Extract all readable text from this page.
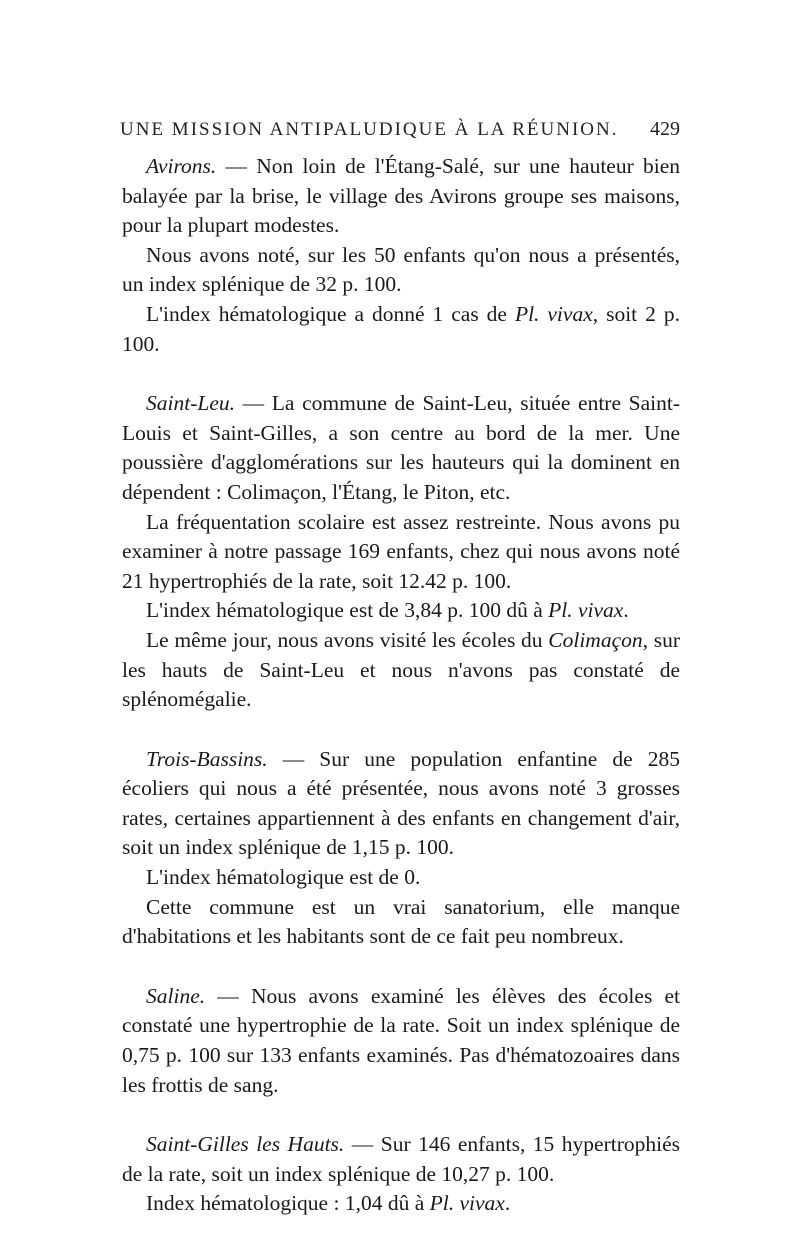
UNE MISSION ANTIPALUDIQUE À LA RÉUNION. 429

Avirons. — Non loin de l'Étang-Salé, sur une hauteur bien balayée par la brise, le village des Avirons groupe ses maisons, pour la plupart modestes.

Nous avons noté, sur les 50 enfants qu'on nous a présentés, un index splénique de 32 p. 100.

L'index hématologique a donné 1 cas de Pl. vivax, soit 2 p. 100.

Saint-Leu. — La commune de Saint-Leu, située entre Saint-Louis et Saint-Gilles, a son centre au bord de la mer. Une poussière d'agglomérations sur les hauteurs qui la dominent en dépendent : Colimaçon, l'Étang, le Piton, etc.

La fréquentation scolaire est assez restreinte. Nous avons pu examiner à notre passage 169 enfants, chez qui nous avons noté 21 hypertrophiés de la rate, soit 12.42 p. 100.

L'index hématologique est de 3,84 p. 100 dû à Pl. vivax.

Le même jour, nous avons visité les écoles du Colimaçon, sur les hauts de Saint-Leu et nous n'avons pas constaté de splénomégalie.

Trois-Bassins. — Sur une population enfantine de 285 écoliers qui nous a été présentée, nous avons noté 3 grosses rates, certaines appartiennent à des enfants en changement d'air, soit un index splénique de 1,15 p. 100.

L'index hématologique est de 0.

Cette commune est un vrai sanatorium, elle manque d'habitations et les habitants sont de ce fait peu nombreux.

Saline. — Nous avons examiné les élèves des écoles et constaté une hypertrophie de la rate. Soit un index splénique de 0,75 p. 100 sur 133 enfants examinés. Pas d'hématozoaires dans les frottis de sang.

Saint-Gilles les Hauts. — Sur 146 enfants, 15 hypertrophiés de la rate, soit un index splénique de 10,27 p. 100.

Index hématologique : 1,04 dû à Pl. vivax.
